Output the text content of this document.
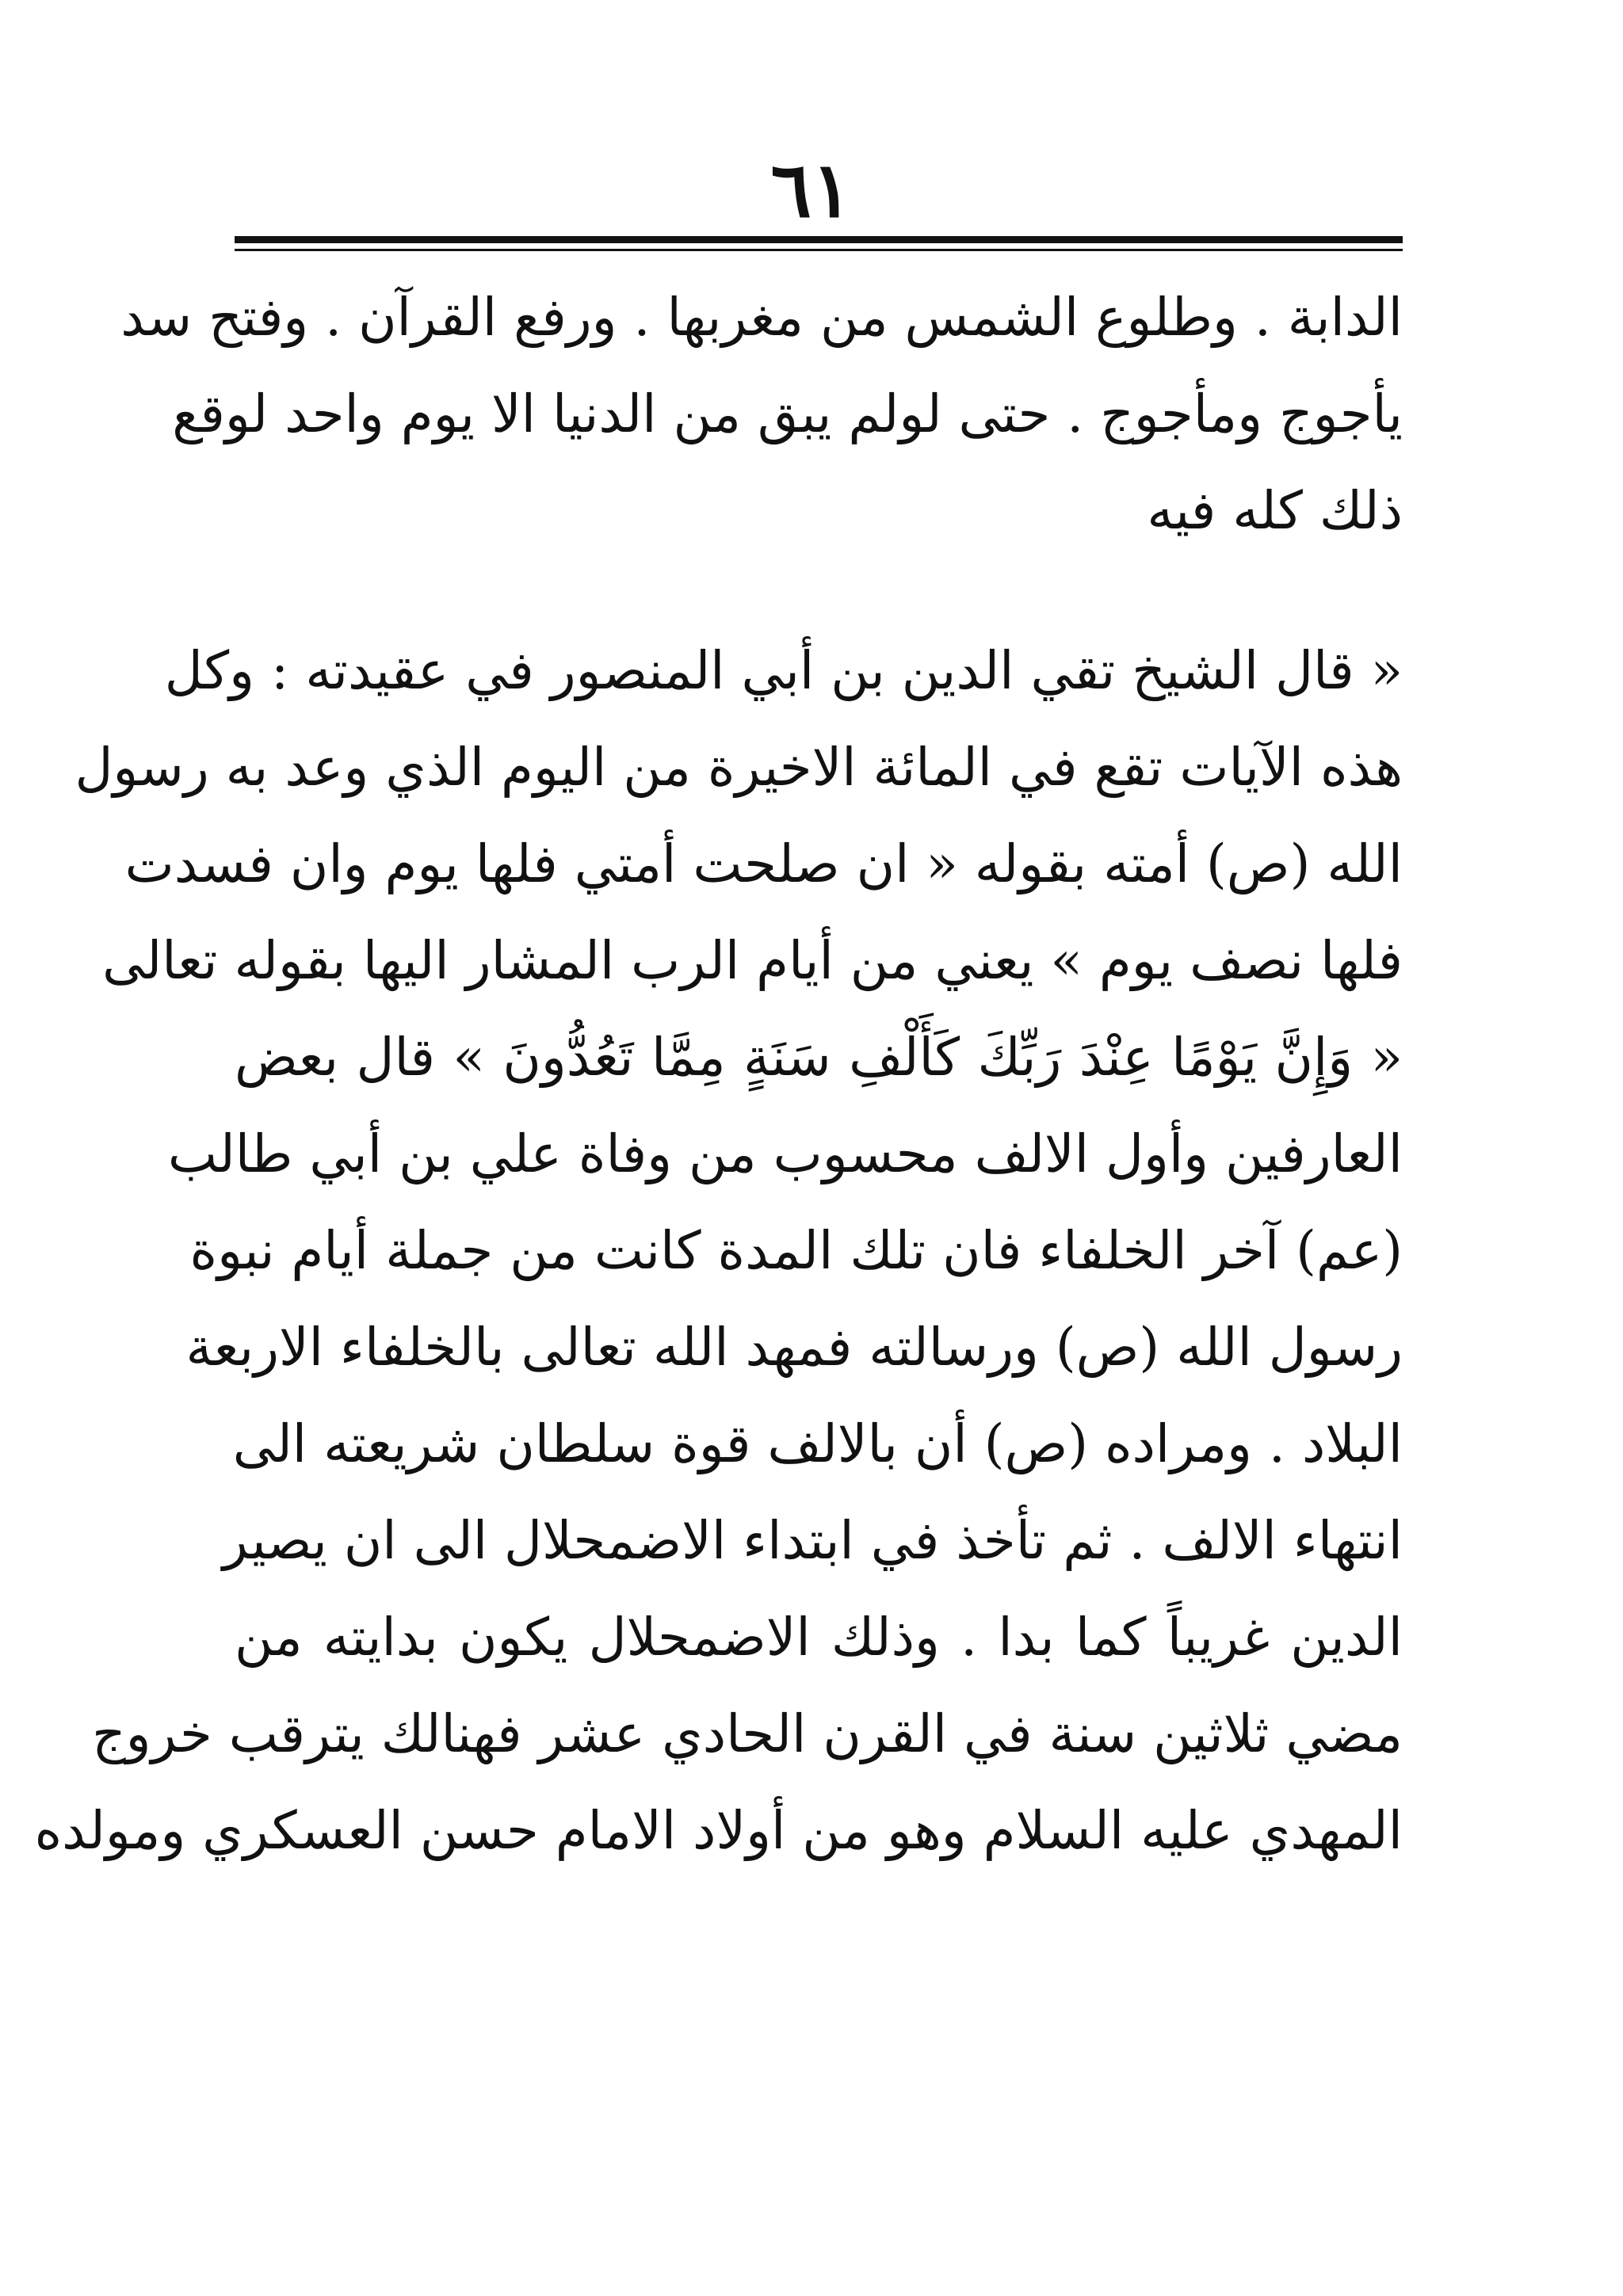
٦١
الدابة . وطلوع الشمس من مغربها . ورفع القرآن . وفتح سد
يأجوج ومأجوج . حتى لولم يبق من الدنيا الا يوم واحد لوقع
ذلك كله فيه
« قال الشيخ تقي الدين بن أبي المنصور في عقيدته : وكل
هذه الآيات تقع في المائة الاخيرة من اليوم الذي وعد به رسول
الله (ص) أمته بقوله « ان صلحت أمتي فلها يوم وان فسدت
فلها نصف يوم » يعني من أيام الرب المشار اليها بقوله تعالى
« وَإِنَّ يَوْمًا عِنْدَ رَبِّكَ كَأَلْفِ سَنَةٍ مِمَّا تَعُدُّونَ » قال بعض
العارفين وأول الالف محسوب من وفاة علي بن أبي طالب
(عم) آخر الخلفاء فان تلك المدة كانت من جملة أيام نبوة
رسول الله (ص) ورسالته فمهد الله تعالى بالخلفاء الاربعة
البلاد . ومراده (ص) أن بالالف قوة سلطان شريعته الى
انتهاء الالف . ثم تأخذ في ابتداء الاضمحلال الى ان يصير
الدين غريباً كما بدا . وذلك الاضمحلال يكون بدايته من
مضي ثلاثين سنة في القرن الحادي عشر فهنالك يترقب خروج
المهدي عليه السلام وهو من أولاد الامام حسن العسكري ومولده
